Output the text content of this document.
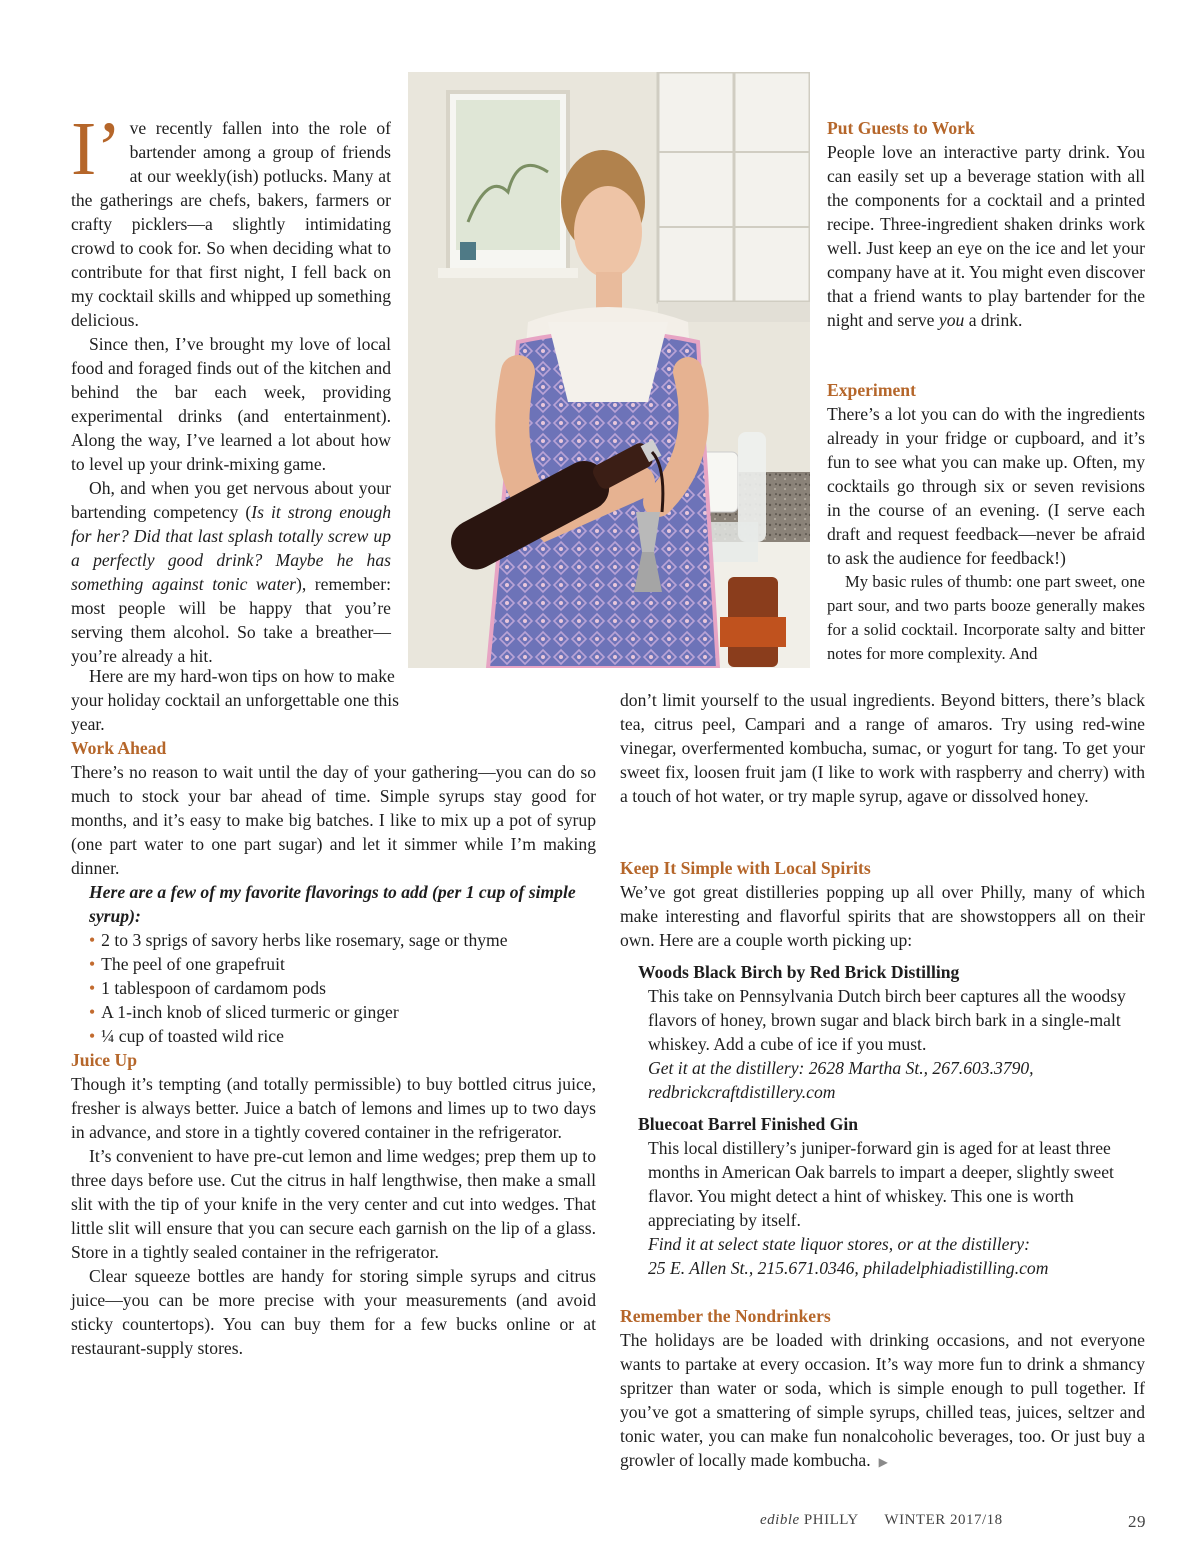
I’ ve recently fallen into the role of bartender among a group of friends at our weekly(ish) potlucks. Many at the gatherings are chefs, bakers, farmers or crafty picklers—a slightly intimidating crowd to cook for. So when deciding what to contribute for that first night, I fell back on my cocktail skills and whipped up something delicious.

Since then, I’ve brought my love of local food and foraged finds out of the kitchen and behind the bar each week, providing experimental drinks (and entertainment). Along the way, I’ve learned a lot about how to level up your drink-mixing game.

Oh, and when you get nervous about your bartending competency (Is it strong enough for her? Did that last splash totally screw up a perfectly good drink? Maybe he has something against tonic water), remember: most people will be happy that you’re serving them alcohol. So take a breather—you’re already a hit.

Here are my hard-won tips on how to make your holiday cocktail an unforgettable one this year.

Work Ahead

There’s no reason to wait until the day of your gathering—you can do so much to stock your bar ahead of time. Simple syrups stay good for months, and it’s easy to make big batches. I like to mix up a pot of syrup (one part water to one part sugar) and let it simmer while I’m making dinner.

Here are a few of my favorite flavorings to add (per 1 cup of simple syrup):

• 2 to 3 sprigs of savory herbs like rosemary, sage or thyme
• The peel of one grapefruit
• 1 tablespoon of cardamom pods
• A 1-inch knob of sliced turmeric or ginger
• ¼ cup of toasted wild rice

Juice Up

Though it’s tempting (and totally permissible) to buy bottled citrus juice, fresher is always better. Juice a batch of lemons and limes up to two days in advance, and store in a tightly covered container in the refrigerator.

It’s convenient to have pre-cut lemon and lime wedges; prep them up to three days before use. Cut the citrus in half lengthwise, then make a small slit with the tip of your knife in the very center and cut into wedges. That little slit will ensure that you can secure each garnish on the lip of a glass. Store in a tightly sealed container in the refrigerator.

Clear squeeze bottles are handy for storing simple syrups and citrus juice—you can be more precise with your measurements (and avoid sticky countertops). You can buy them for a few bucks online or at restaurant-supply stores.

Put Guests to Work

People love an interactive party drink. You can easily set up a beverage station with all the components for a cocktail and a printed recipe. Three-ingredient shaken drinks work well. Just keep an eye on the ice and let your company have at it. You might even discover that a friend wants to play bartender for the night and serve you a drink.

Experiment

There’s a lot you can do with the ingredients already in your fridge or cupboard, and it’s fun to see what you can make up. Often, my cocktails go through six or seven revisions in the course of an evening. (I serve each draft and request feedback—never be afraid to ask the audience for feedback!)

My basic rules of thumb: one part sweet, one part sour, and two parts booze generally makes for a solid cocktail. Incorporate salty and bitter notes for more complexity. And

don’t limit yourself to the usual ingredients. Beyond bitters, there’s black tea, citrus peel, Campari and a range of amaros. Try using red-wine vinegar, overfermented kombucha, sumac, or yogurt for tang. To get your sweet fix, loosen fruit jam (I like to work with raspberry and cherry) with a touch of hot water, or try maple syrup, agave or dissolved honey.

Keep It Simple with Local Spirits

We’ve got great distilleries popping up all over Philly, many of which make interesting and flavorful spirits that are showstoppers all on their own. Here are a couple worth picking up:

Woods Black Birch by Red Brick Distilling

This take on Pennsylvania Dutch birch beer captures all the woodsy flavors of honey, brown sugar and black birch bark in a single-malt whiskey. Add a cube of ice if you must.

Get it at the distillery: 2628 Martha St., 267.603.3790,

redbrickcraftdistillery.com

Bluecoat Barrel Finished Gin

This local distillery’s juniper-forward gin is aged for at least three months in American Oak barrels to impart a deeper, slightly sweet flavor. You might detect a hint of whiskey. This one is worth appreciating by itself.

Find it at select state liquor stores, or at the distillery:

25 E. Allen St., 215.671.0346, philadelphiadistilling.com

Remember the Nondrinkers

The holidays are be loaded with drinking occasions, and not everyone wants to partake at every occasion. It’s way more fun to drink a shmancy spritzer than water or soda, which is simple enough to pull together. If you’ve got a smattering of simple syrups, chilled teas, juices, seltzer and tonic water, you can make fun nonalcoholic beverages, too. Or just buy a growler of locally made kombucha. ▶

edible PHILLY WINTER 2017/18	29
